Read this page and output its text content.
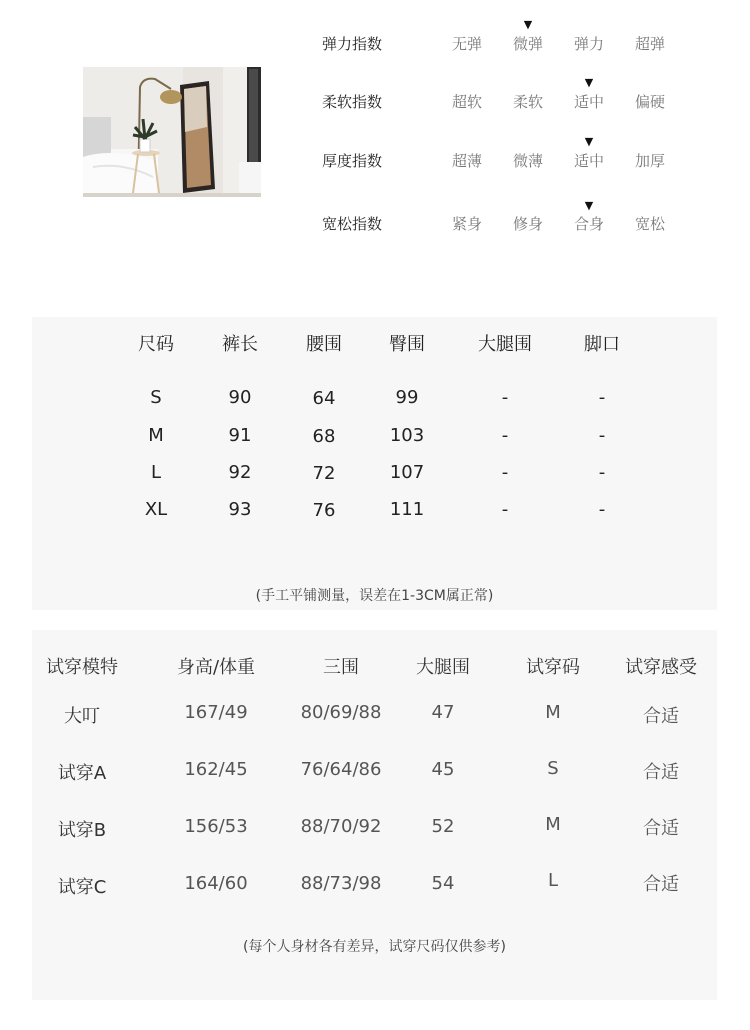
弹力指数
▼
无弹	微弹	弹力	超弹
柔软指数
▼
超软	柔软	适中	偏硬
厚度指数
▼
超薄	微薄	适中	加厚
宽松指数
▼
紧身	修身	合身	宽松
尺码	裤长	腰围	臀围	大腿围	脚口
S	90	64	99	-	-
M	91	68	103	-	-
L	92	72	107	-	-
XL	93	76	111	-	-
(手工平铺测量，误差在1-3CM属正常)
试穿模特	身高/体重	三围	大腿围	试穿码	试穿感受
大叮	167/49	80/69/88	47	M	合适
试穿A	162/45	76/64/86	45	S	合适
试穿B	156/53	88/70/92	52	M	合适
试穿C	164/60	88/73/98	54	L	合适
(每个人身材各有差异，试穿尺码仅供参考)
